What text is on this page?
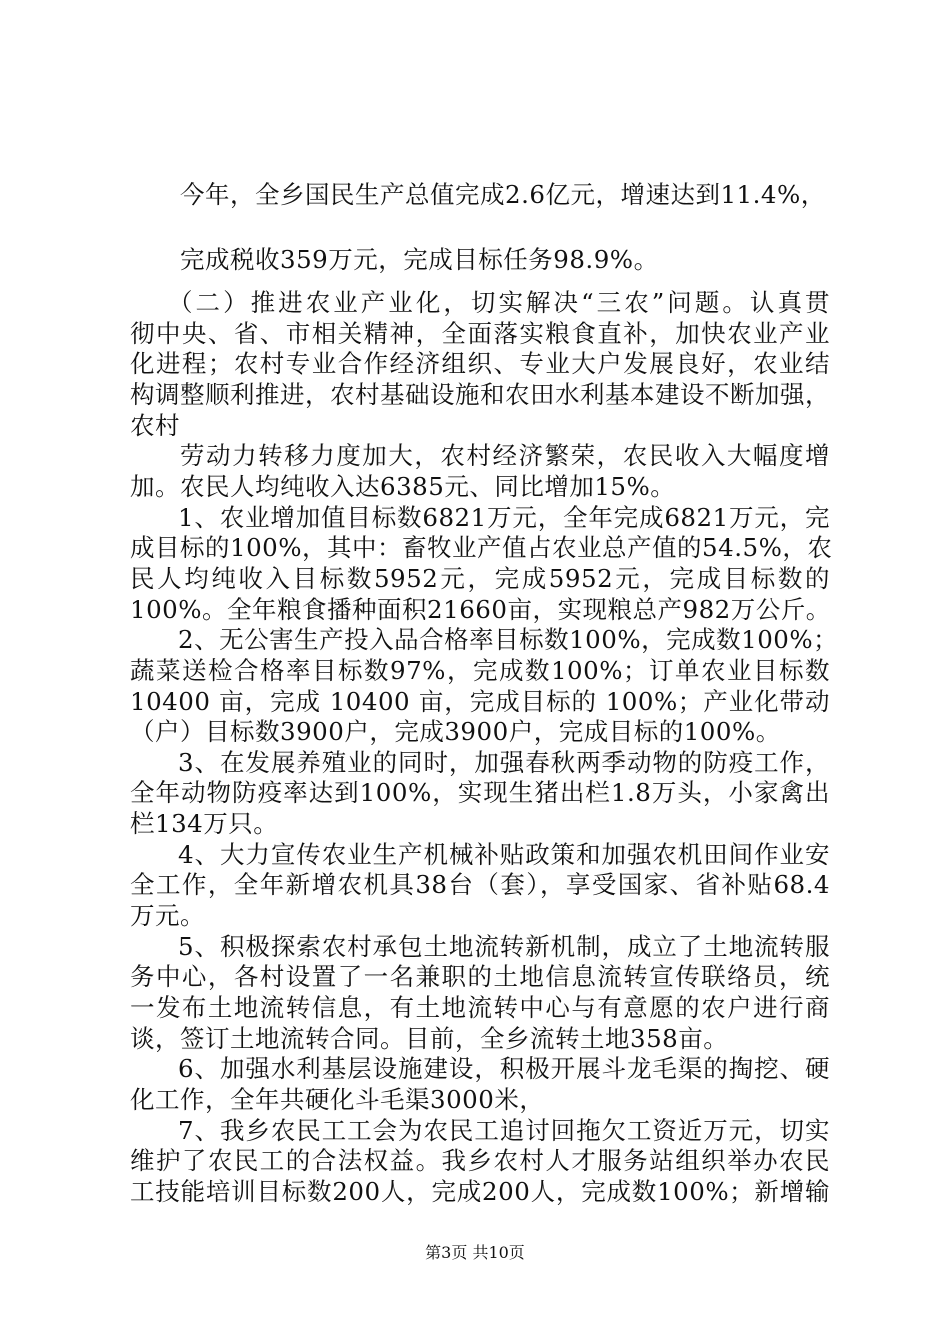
今年，全乡国民生产总值完成2.6亿元，增速达到11.4%，
完成税收359万元，完成目标任务98.9%。
（二）推进农业产业化，切实解决“三农”问题。认真贯
彻中央、省、市相关精神，全面落实粮食直补，加快农业产业
化进程；农村专业合作经济组织、专业大户发展良好，农业结
构调整顺利推进，农村基础设施和农田水利基本建设不断加强，
农村
劳动力转移力度加大，农村经济繁荣，农民收入大幅度增
加。农民人均纯收入达6385元、同比增加15%。
1、农业增加值目标数6821万元，全年完成6821万元，完
成目标的100%，其中：畜牧业产值占农业总产值的54.5%，农
民人均纯收入目标数5952元，完成5952元，完成目标数的
100%。全年粮食播种面积21660亩，实现粮总产982万公斤。
2、无公害生产投入品合格率目标数100%，完成数100%；
蔬菜送检合格率目标数97%，完成数100%；订单农业目标数
10400 亩，完成 10400 亩，完成目标的 100%；产业化带动
（户）目标数3900户，完成3900户，完成目标的100%。
3、在发展养殖业的同时，加强春秋两季动物的防疫工作，
全年动物防疫率达到100%，实现生猪出栏1.8万头，小家禽出
栏134万只。
4、大力宣传农业生产机械补贴政策和加强农机田间作业安
全工作，全年新增农机具38台（套），享受国家、省补贴68.4
万元。
5、积极探索农村承包土地流转新机制，成立了土地流转服
务中心，各村设置了一名兼职的土地信息流转宣传联络员，统
一发布土地流转信息，有土地流转中心与有意愿的农户进行商
谈，签订土地流转合同。目前，全乡流转土地358亩。
6、加强水利基层设施建设，积极开展斗龙毛渠的掏挖、硬
化工作，全年共硬化斗毛渠3000米，
7、我乡农民工工会为农民工追讨回拖欠工资近万元，切实
维护了农民工的合法权益。我乡农村人才服务站组织举办农民
工技能培训目标数200人，完成200人，完成数100%；新增输
第3页 共10页
